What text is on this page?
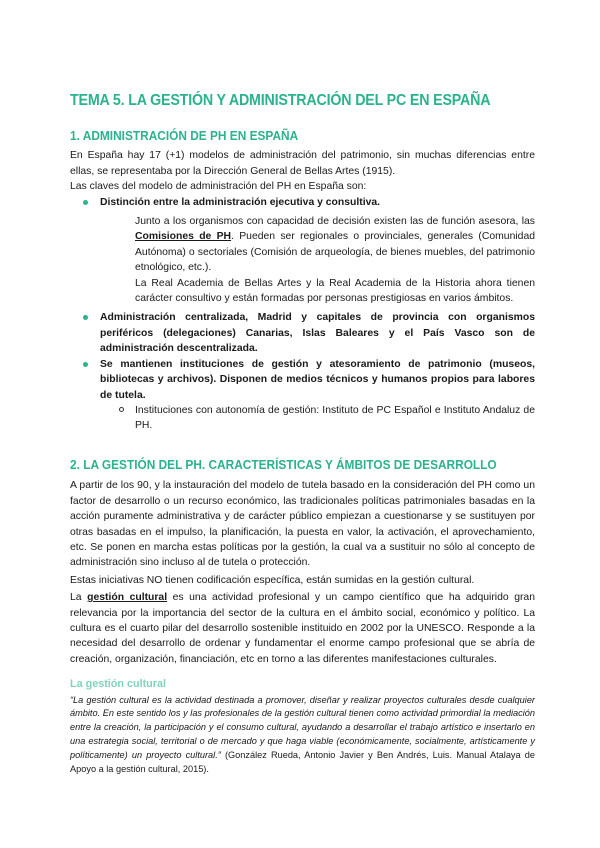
TEMA 5. LA GESTIÓN Y ADMINISTRACIÓN DEL PC EN ESPAÑA
1. ADMINISTRACIÓN DE PH EN ESPAÑA

En España hay 17 (+1) modelos de administración del patrimonio, sin muchas diferencias entre ellas, se representaba por la Dirección General de Bellas Artes (1915).

Las claves del modelo de administración del PH en España son:

Distinción entre la administración ejecutiva y consultiva.

Junto a los organismos con capacidad de decisión existen las de función asesora, las Comisiones de PH. Pueden ser regionales o provinciales, generales (Comunidad Autónoma) o sectoriales (Comisión de arqueología, de bienes muebles, del patrimonio etnológico, etc.).

La Real Academia de Bellas Artes y la Real Academia de la Historia ahora tienen carácter consultivo y están formadas por personas prestigiosas en varios ámbitos.

Administración centralizada, Madrid y capitales de provincia con organismos periféricos (delegaciones) Canarias, Islas Baleares y el País Vasco son de administración descentralizada.
Se mantienen instituciones de gestión y atesoramiento de patrimonio (museos, bibliotecas y archivos). Disponen de medios técnicos y humanos propios para labores de tutela.
Instituciones con autonomía de gestión: Instituto de PC Español e Instituto Andaluz de PH.
2. LA GESTIÓN DEL PH. CARACTERÍSTICAS Y ÁMBITOS DE DESARROLLO

A partir de los 90, y la instauración del modelo de tutela basado en la consideración del PH como un factor de desarrollo o un recurso económico, las tradicionales políticas patrimoniales basadas en la acción puramente administrativa y de carácter público empiezan a cuestionarse y se sustituyen por otras basadas en el impulso, la planificación, la puesta en valor, la activación, el aprovechamiento, etc. Se ponen en marcha estas políticas por la gestión, la cual va a sustituir no sólo al concepto de administración sino incluso al de tutela o protección.

Estas iniciativas NO tienen codificación específica, están sumidas en la gestión cultural.

La gestión cultural es una actividad profesional y un campo científico que ha adquirido gran relevancia por la importancia del sector de la cultura en el ámbito social, económico y político. La cultura es el cuarto pilar del desarrollo sostenible instituido en 2002 por la UNESCO. Responde a la necesidad del desarrollo de ordenar y fundamentar el enorme campo profesional que se abría de creación, organización, financiación, etc en torno a las diferentes manifestaciones culturales.

La gestión cultural

“La gestión cultural es la actividad destinada a promover, diseñar y realizar proyectos culturales desde cualquier ámbito. En este sentido los y las profesionales de la gestión cultural tienen como actividad primordial la mediación entre la creación, la participación y el consumo cultural, ayudando a desarrollar el trabajo artístico e insertarlo en una estrategia social, territorial o de mercado y que haga viable (económicamente, socialmente, artísticamente y políticamente) un proyecto cultural.” (González Rueda, Antonio Javier y Ben Andrés, Luis. Manual Atalaya de Apoyo a la gestión cultural, 2015).
